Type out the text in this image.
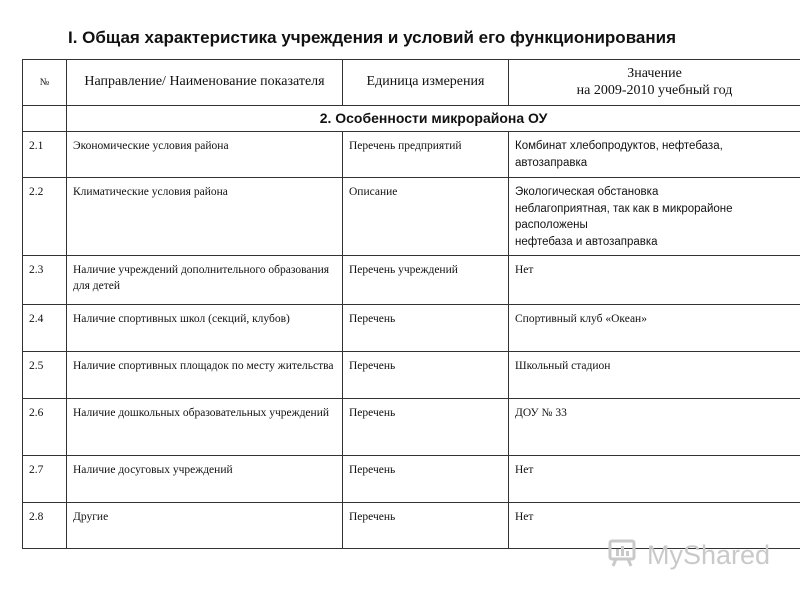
I. Общая характеристика учреждения и условий его функционирования
№	Направление/ Наименование показателя	Единица измерения	Значение
на 2009-2010 учебный год

	2. Особенности микрорайона ОУ		
2.1	Экономические условия района	Перечень предприятий	Комбинат хлебопродуктов, нефтебаза,
автозаправка

2.2	Климатические условия района	Описание	Экологическая обстановка
неблагоприятная, так как в микрорайоне
расположены
нефтебаза и автозаправка

2.3	Наличие учреждений дополнительного образования для детей	Перечень учреждений	Нет

2.4	Наличие спортивных школ (секций, клубов)	Перечень	Спортивный клуб «Океан»

2.5	Наличие спортивных площадок по месту жительства	Перечень	Школьный стадион

2.6	Наличие дошкольных образовательных учреждений	Перечень	ДОУ № 33

2.7	Наличие досуговых учреждений	Перечень	Нет

2.8	Другие	Перечень	Нет
MyShared
